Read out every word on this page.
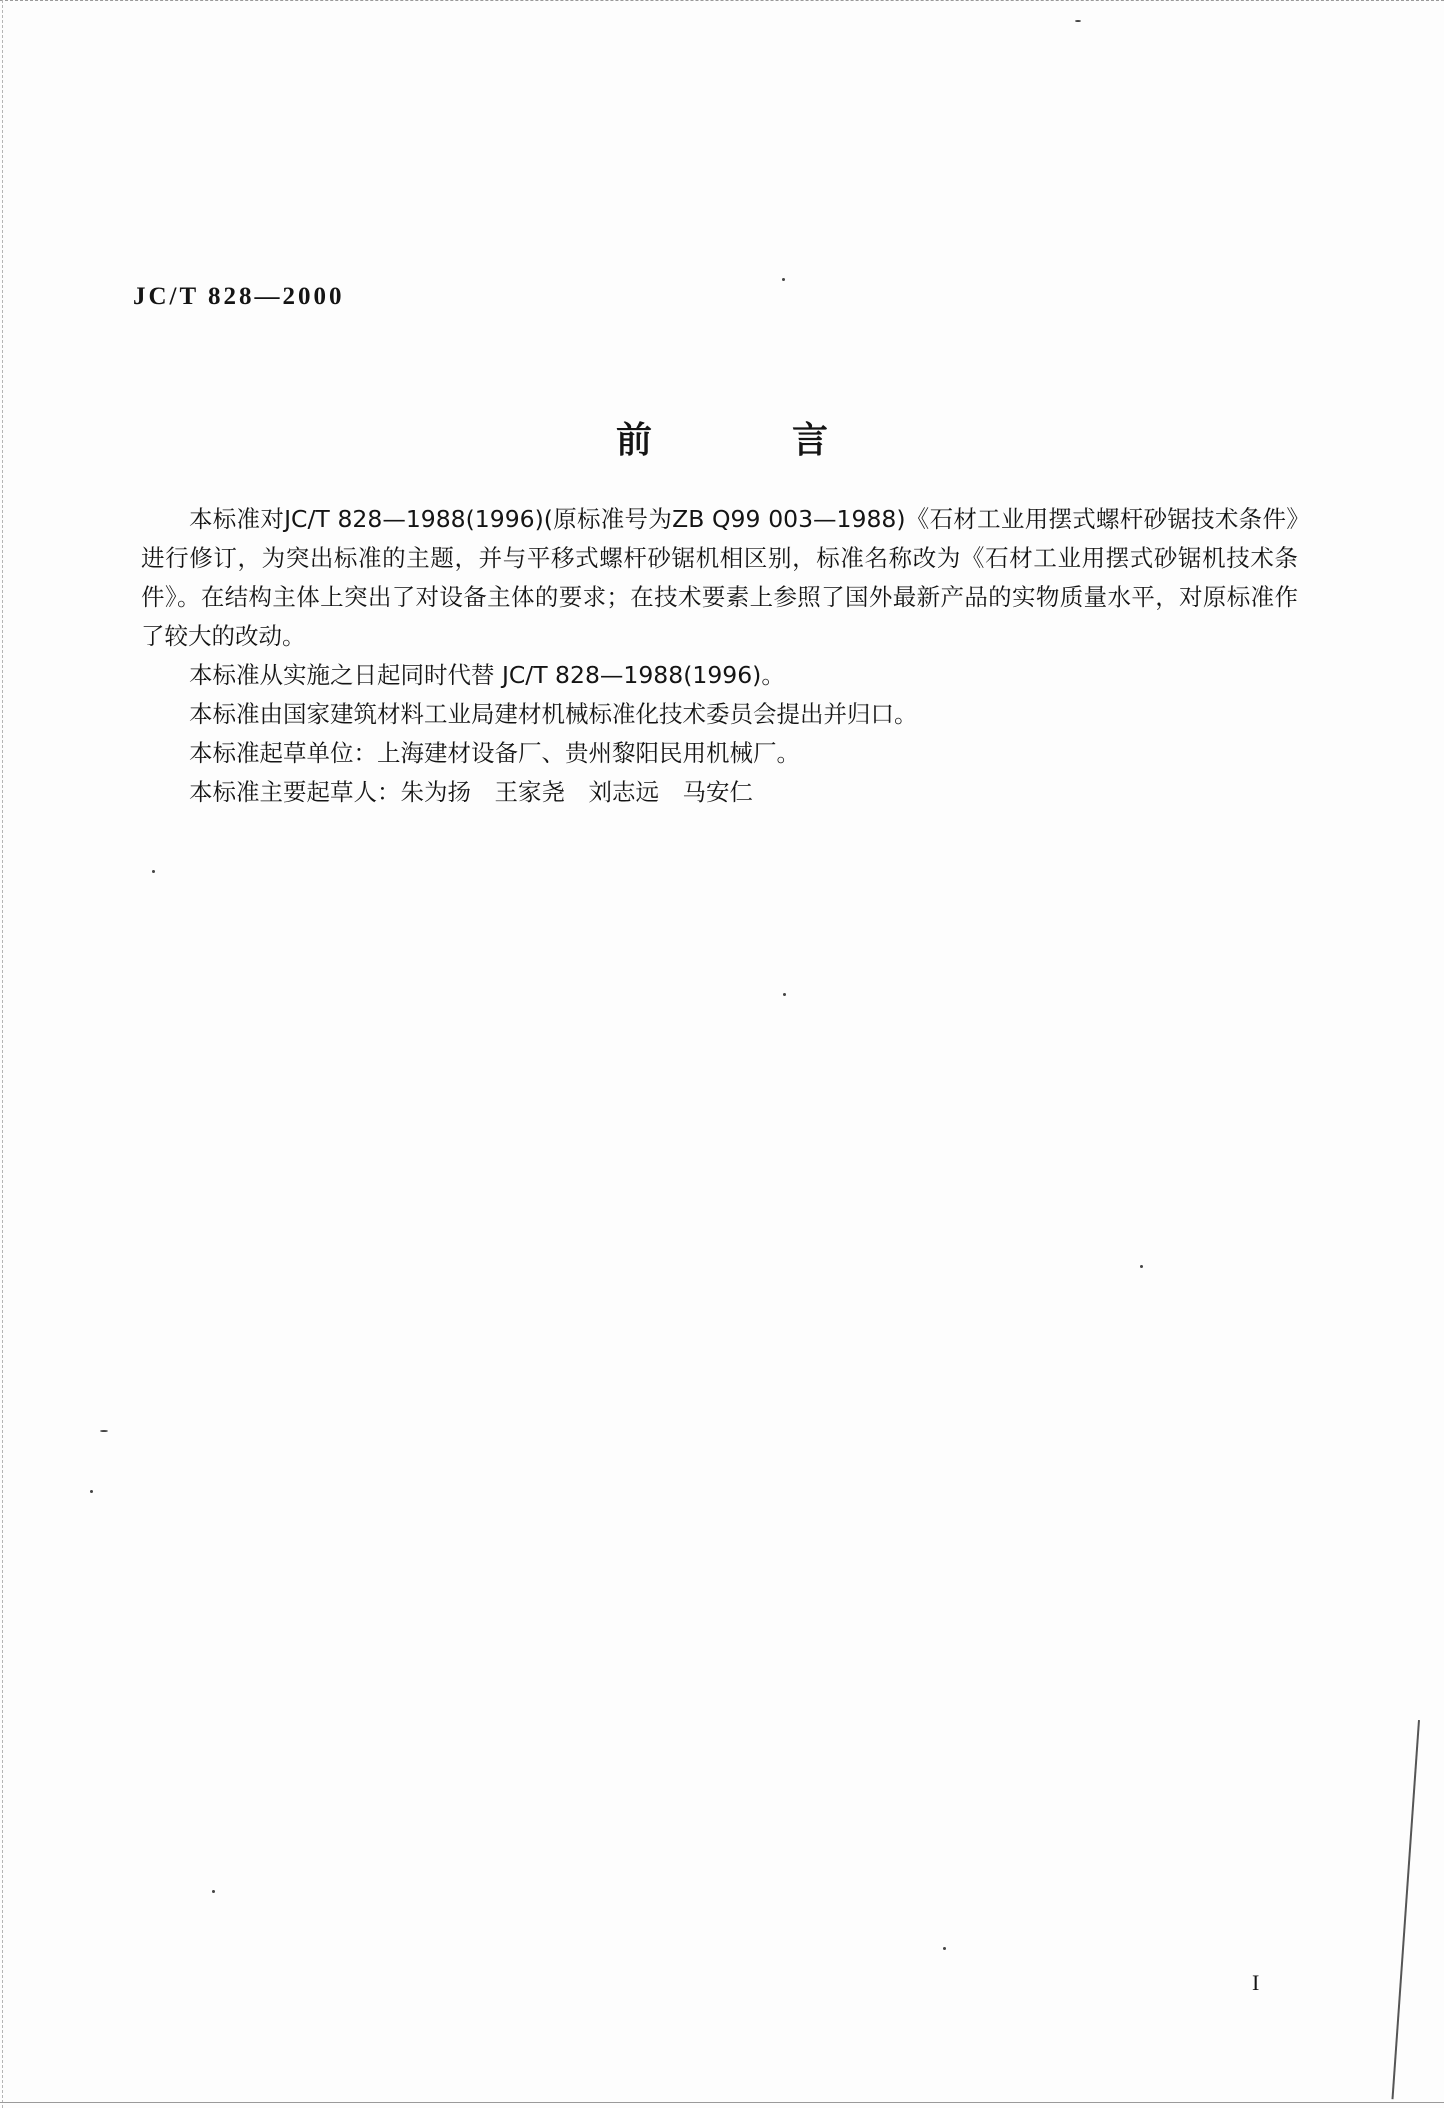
JC/T 828—2000
前言

本标准对JC/T 828—1988(1996)(原标准号为ZB Q99 003—1988)《石材工业用摆式螺杆砂锯技术条件》进行修订，为突出标准的主题，并与平移式螺杆砂锯机相区别，标准名称改为《石材工业用摆式砂锯机技术条件》。在结构主体上突出了对设备主体的要求；在技术要素上参照了国外最新产品的实物质量水平，对原标准作了较大的改动。

本标准从实施之日起同时代替 JC/T 828—1988(1996)。

本标准由国家建筑材料工业局建材机械标准化技术委员会提出并归口。

本标准起草单位：上海建材设备厂、贵州黎阳民用机械厂。

本标准主要起草人：朱为扬　王家尧　刘志远　马安仁

I
